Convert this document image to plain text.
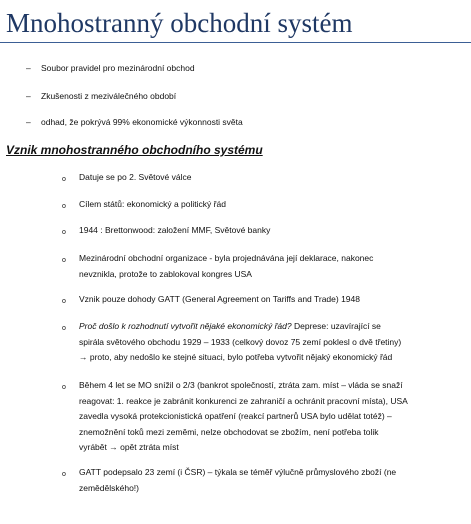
Mnohostranný obchodní systém
– Soubor pravidel pro mezinárodní obchod
– Zkušenosti z meziválečného období
– odhad, že pokrývá 99% ekonomické výkonnosti světa
Vznik mnohostranného obchodního systému
o Datuje se po 2. Světové válce
o Cílem států: ekonomický a politický řád
o 1944 : Brettonwood: založení MMF, Světové banky
o Mezinárodní obchodní organizace - byla projednávána její deklarace, nakonec
nevznikla, protože to zablokoval kongres USA
o Vznik pouze dohody GATT (General Agreement on Tariffs and Trade) 1948
o Proč došlo k rozhodnutí vytvořit nějaké ekonomický řád? Deprese: uzavírající se
spirála světového obchodu 1929 – 1933 (celkový dovoz 75 zemí poklesl o dvě třetiny)
→ proto, aby nedošlo ke stejné situaci, bylo potřeba vytvořit nějaký ekonomický řád
o Během 4 let se MO snížil o 2/3 (bankrot společností, ztráta zam. míst – vláda se snaží
reagovat: 1. reakce je zabránit konkurenci ze zahraničí a ochránit pracovní místa), USA
zavedla vysoká protekcionistická opatření (reakcí partnerů USA bylo udělat totéž) –
znemožnění toků mezi zeměmi, nelze obchodovat se zbožím, není potřeba tolik
vyrábět → opět ztráta míst
o GATT podepsalo 23 zemí (i ČSR) – týkala se téměř výlučně průmyslového zboží (ne
zemědělského!)
